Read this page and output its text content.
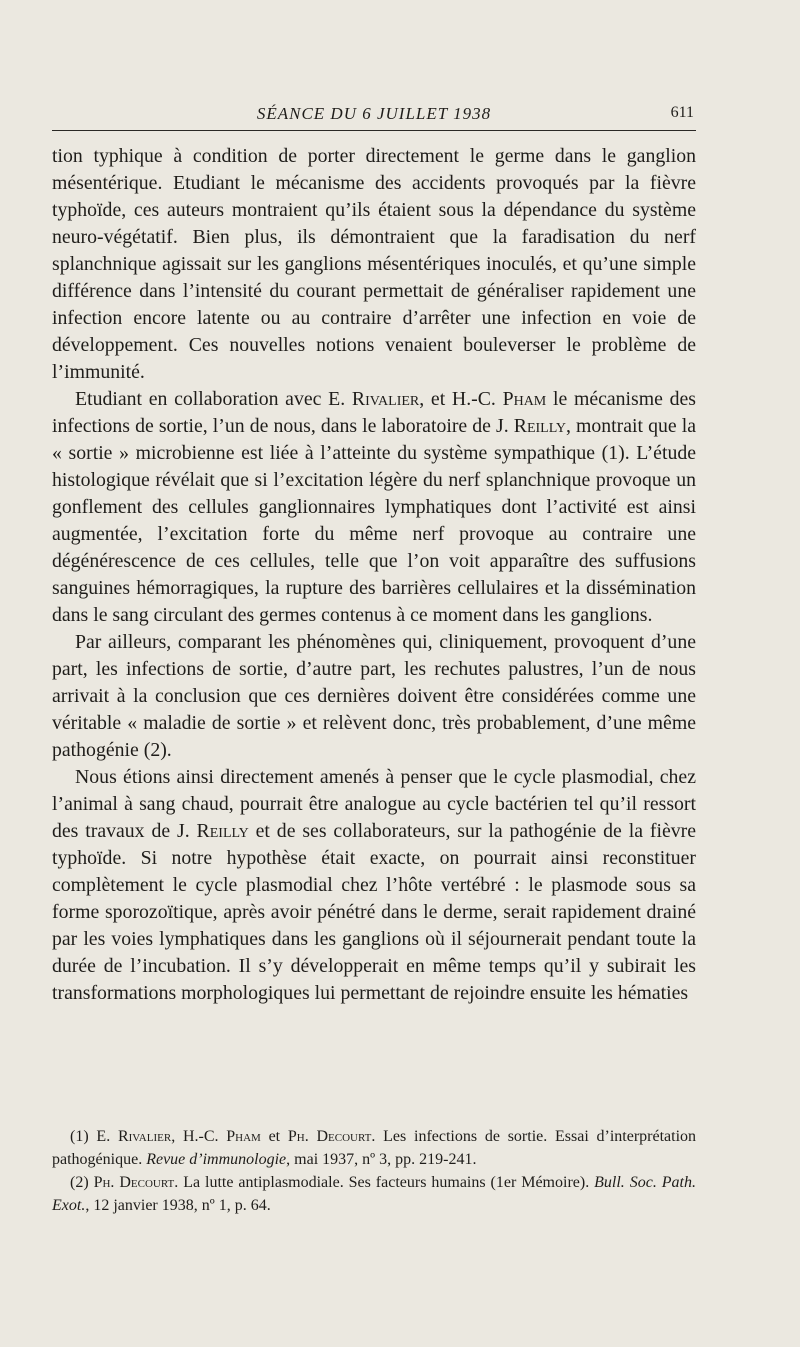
SÉANCE DU 6 JUILLET 1938	611

tion typhique à condition de porter directement le germe dans le ganglion mésentérique. Etudiant le mécanisme des accidents provoqués par la fièvre typhoïde, ces auteurs montraient qu’ils étaient sous la dépendance du système neuro-végétatif. Bien plus, ils démontraient que la faradisation du nerf splanchnique agissait sur les ganglions mésentériques inoculés, et qu’une simple différence dans l’intensité du courant permettait de généraliser rapidement une infection encore latente ou au contraire d’arrêter une infection en voie de développement. Ces nouvelles notions venaient bouleverser le problème de l’immunité.

Etudiant en collaboration avec E. Rivalier, et H.-C. Pham le mécanisme des infections de sortie, l’un de nous, dans le laboratoire de J. Reilly, montrait que la « sortie » microbienne est liée à l’atteinte du système sympathique (1). L’étude histologique révélait que si l’excitation légère du nerf splanchnique provoque un gonflement des cellules ganglionnaires lymphatiques dont l’activité est ainsi augmentée, l’excitation forte du même nerf provoque au contraire une dégénérescence de ces cellules, telle que l’on voit apparaître des suffusions sanguines hémorragiques, la rupture des barrières cellulaires et la dissémination dans le sang circulant des germes contenus à ce moment dans les ganglions.

Par ailleurs, comparant les phénomènes qui, cliniquement, provoquent d’une part, les infections de sortie, d’autre part, les rechutes palustres, l’un de nous arrivait à la conclusion que ces dernières doivent être considérées comme une véritable « maladie de sortie » et relèvent donc, très probablement, d’une même pathogénie (2).

Nous étions ainsi directement amenés à penser que le cycle plasmodial, chez l’animal à sang chaud, pourrait être analogue au cycle bactérien tel qu’il ressort des travaux de J. Reilly et de ses collaborateurs, sur la pathogénie de la fièvre typhoïde. Si notre hypothèse était exacte, on pourrait ainsi reconstituer complètement le cycle plasmodial chez l’hôte vertébré : le plasmode sous sa forme sporozoïtique, après avoir pénétré dans le derme, serait rapidement drainé par les voies lymphatiques dans les ganglions où il séjournerait pendant toute la durée de l’incubation. Il s’y développerait en même temps qu’il y subirait les transformations morphologiques lui permettant de rejoindre ensuite les hématies

(1) E. Rivalier, H.-C. Pham et Ph. Decourt. Les infections de sortie. Essai d’interprétation pathogénique. Revue d’immunologie, mai 1937, nº 3, pp. 219-241.

(2) Ph. Decourt. La lutte antiplasmodiale. Ses facteurs humains (1er Mémoire). Bull. Soc. Path. Exot., 12 janvier 1938, nº 1, p. 64.
